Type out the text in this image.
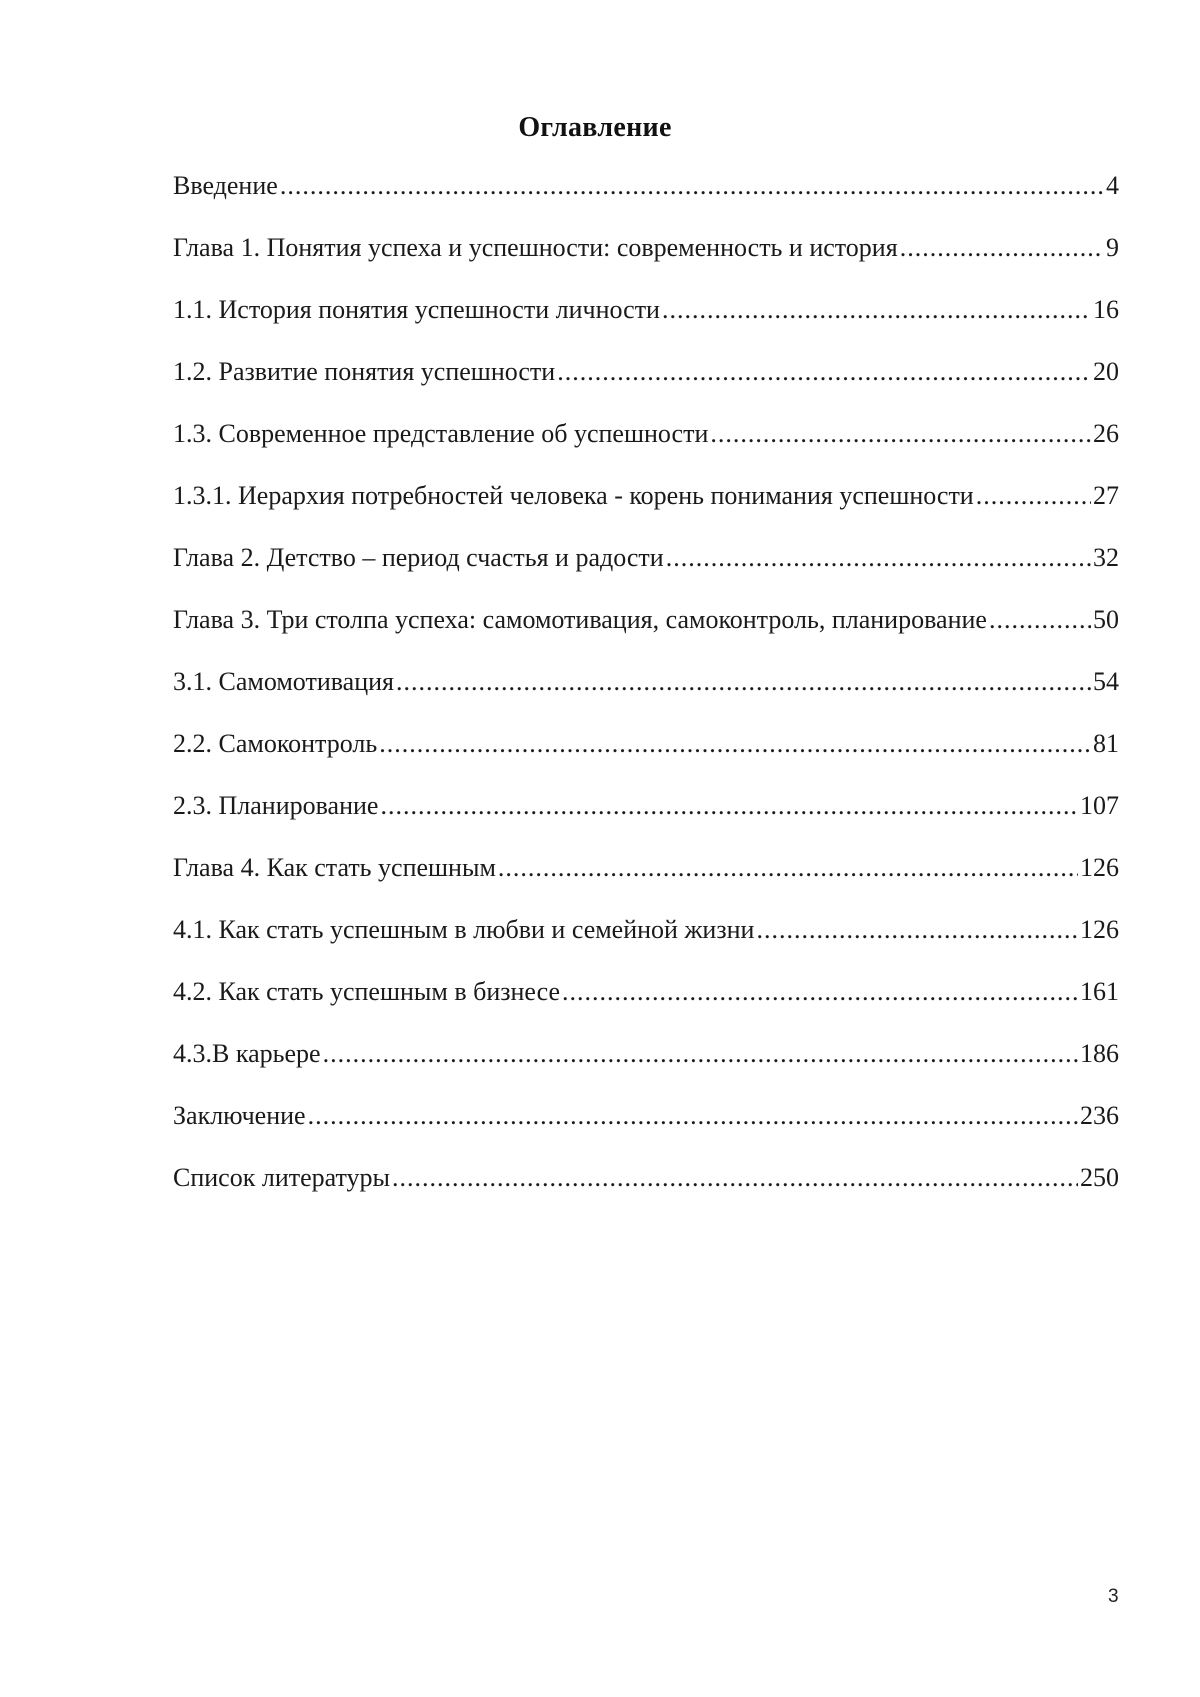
Оглавление
Введение
.....	4
Глава 1. Понятия успеха и успешности: современность и история
.....	9
1.1. История понятия успешности личности
.....	16
1.2. Развитие понятия успешности
.....	20
1.3. Современное представление об успешности
.....	26
1.3.1. Иерархия потребностей человека - корень понимания успешности
.....	27
Глава 2. Детство – период счастья и радости
.....	32
Глава 3. Три столпа успеха: самомотивация, самоконтроль, планирование
.....	50
3.1. Самомотивация
.....	54
2.2. Самоконтроль
.....	81
2.3. Планирование
.....	107
Глава 4. Как стать успешным
.....	126
4.1. Как стать успешным в любви и семейной жизни
.....	126
4.2. Как стать успешным в бизнесе
.....	161
4.3.В карьере
.....	186
Заключение
.....	236
Список литературы
.....	250
3
